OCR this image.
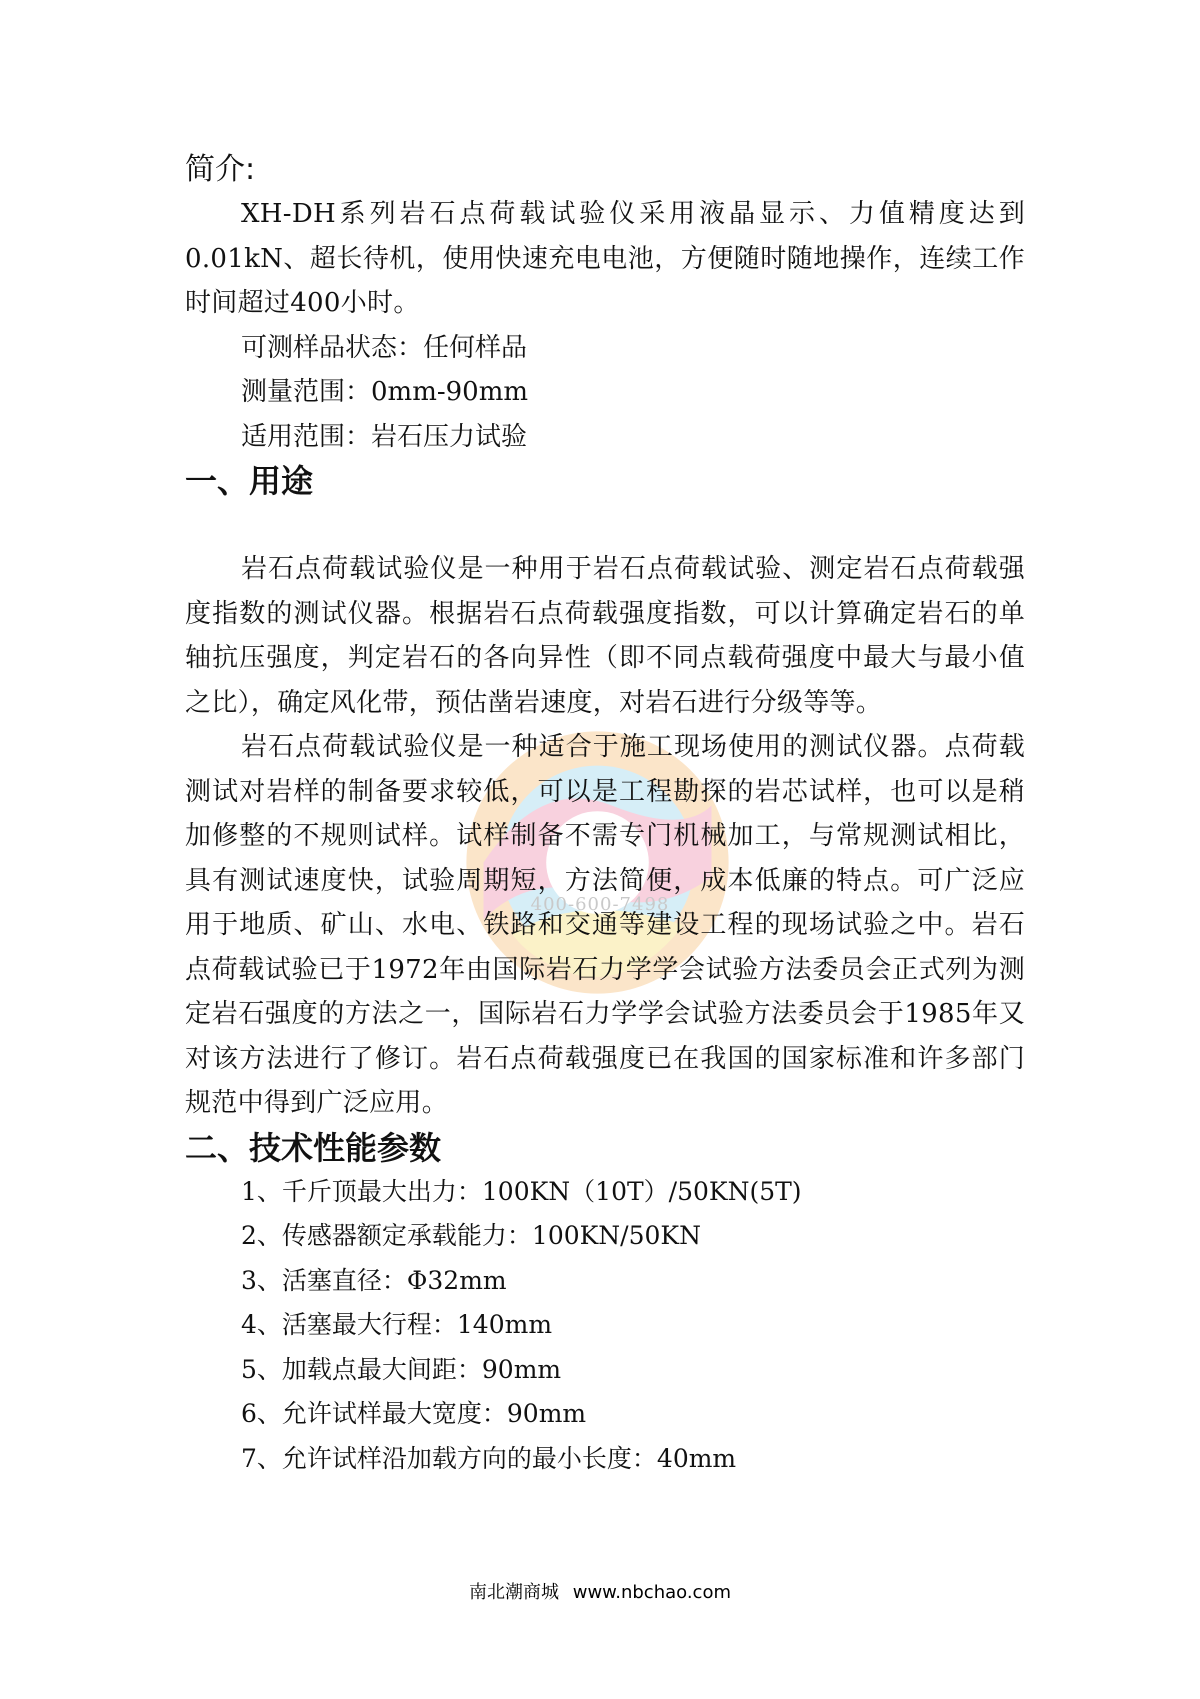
400-600-7498
简介:

XH-DH系列岩石点荷载试验仪采用液晶显示、力值精度达到0.01kN、超长待机，使用快速充电电池，方便随时随地操作，连续工作时间超过400小时。

可测样品状态：任何样品

测量范围：0mm-90mm

适用范围：岩石压力试验

一、用途

岩石点荷载试验仪是一种用于岩石点荷载试验、测定岩石点荷载强度指数的测试仪器。根据岩石点荷载强度指数，可以计算确定岩石的单轴抗压强度，判定岩石的各向异性（即不同点载荷强度中最大与最小值之比），确定风化带，预估凿岩速度，对岩石进行分级等等。

岩石点荷载试验仪是一种适合于施工现场使用的测试仪器。点荷载测试对岩样的制备要求较低，可以是工程勘探的岩芯试样，也可以是稍加修整的不规则试样。试样制备不需专门机械加工，与常规测试相比，具有测试速度快，试验周期短，方法简便，成本低廉的特点。可广泛应用于地质、矿山、水电、铁路和交通等建设工程的现场试验之中。岩石点荷载试验已于1972年由国际岩石力学学会试验方法委员会正式列为测定岩石强度的方法之一，国际岩石力学学会试验方法委员会于1985年又对该方法进行了修订。岩石点荷载强度已在我国的国家标准和许多部门规范中得到广泛应用。

二、技术性能参数
1、千斤顶最大出力：100KN（10T）/50KN(5T)
2、传感器额定承载能力：100KN/50KN
3、活塞直径：Φ32mm
4、活塞最大行程：140mm
5、加载点最大间距：90mm
6、允许试样最大宽度：90mm
7、允许试样沿加载方向的最小长度：40mm
南北潮商城 www.nbchao.com
